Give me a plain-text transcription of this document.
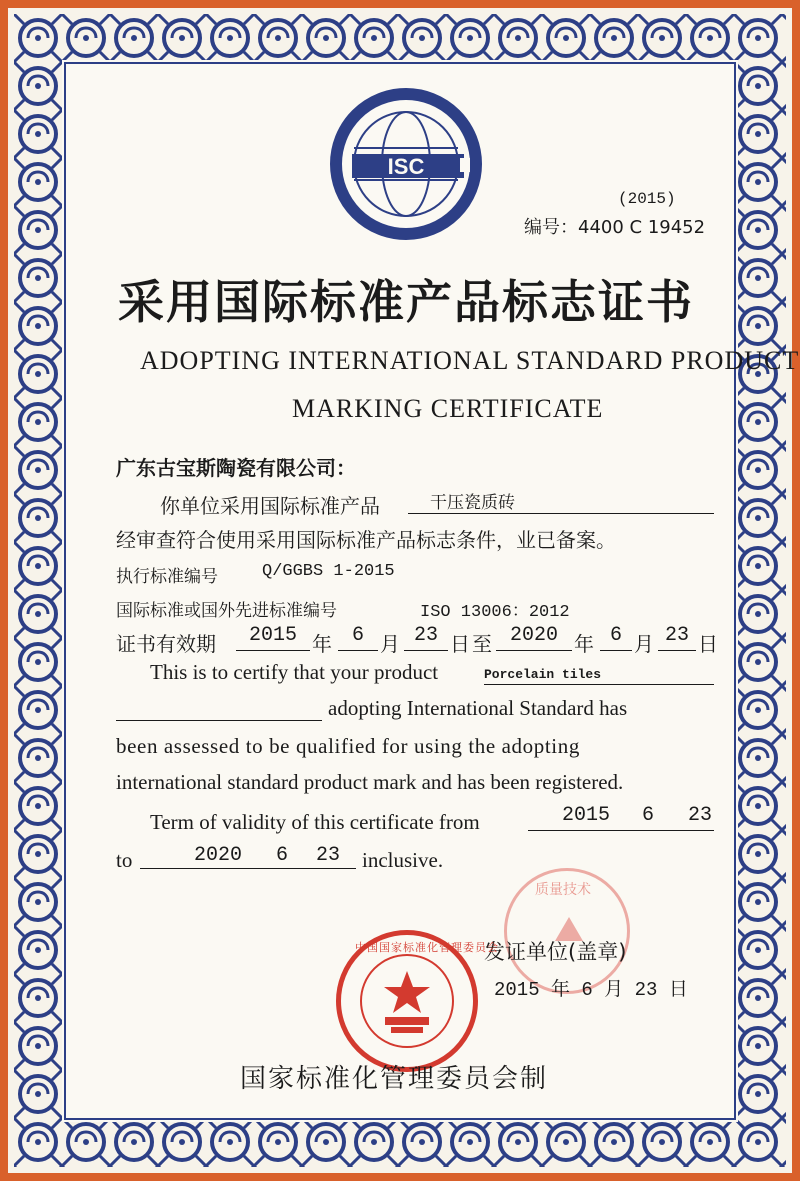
ISC
(2015)
编号：4400 C 19452
采用国际标准产品标志证书
ADOPTING INTERNATIONAL STANDARD PRODUCT
MARKING CERTIFICATE
广东古宝斯陶瓷有限公司：
你单位采用国际标准产品	干压瓷质砖
经审查符合使用采用国际标准产品标志条件，业已备案。
执行标准编号	Q/GGBS 1-2015
国际标准或国外先进标准编号	ISO 13006：2012
证书有效期	2015 年 6 月 23 日 至 2020 年 6 月 23 日
This is to certify that your product	Porcelain tiles
adopting International Standard has
been assessed to be qualified for using the adopting
international standard product mark and has been registered.
Term of validity of this certificate from	2015 6 23
to	2020 6 23 inclusive.
质量技术
发证单位(盖章)
2015 年 6 月 23 日
中国国家标准化管理委员会
国家标准化管理委员会制
